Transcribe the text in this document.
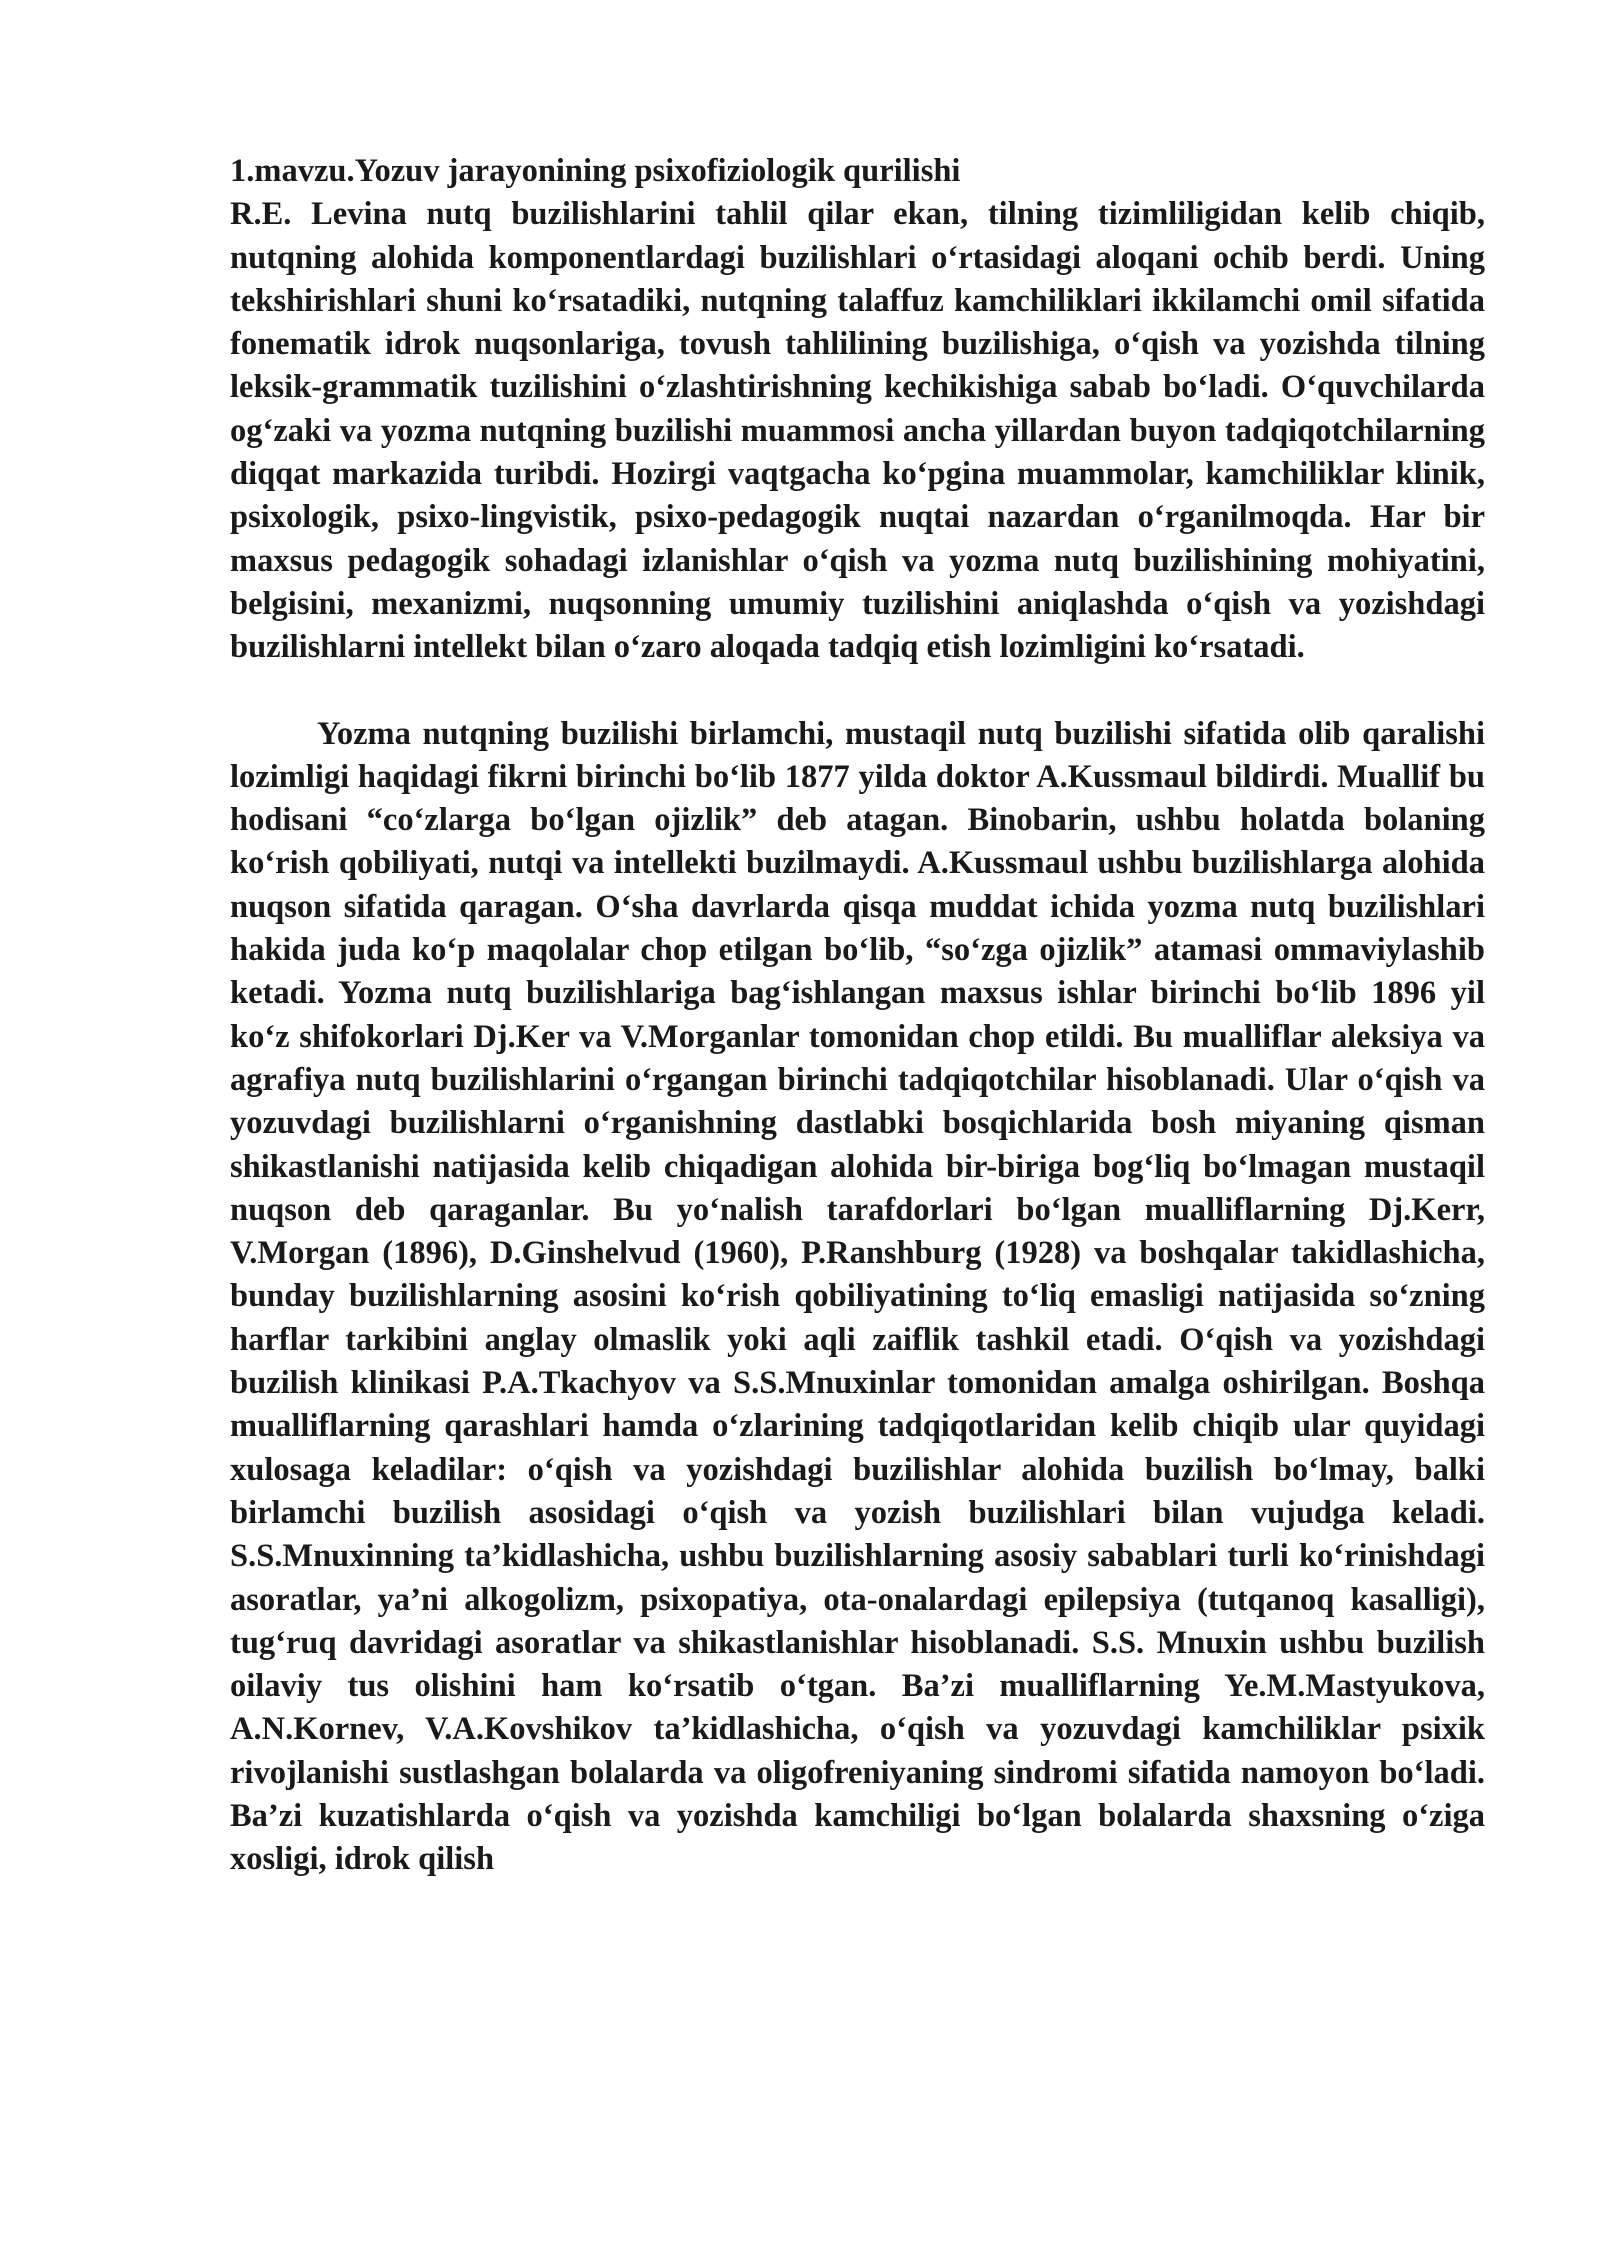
1.mavzu.Yozuv jarayonining psixofiziologik qurilishi

R.E. Levina nutq buzilishlarini tahlil qilar ekan, tilning tizimliligidan kelib chiqib, nutqning alohida komponentlardagi buzilishlari o‘rtasidagi aloqani ochib berdi. Uning tekshirishlari shuni ko‘rsatadiki, nutqning talaffuz kamchiliklari ikkilamchi omil sifatida fonematik idrok nuqsonlariga, tovush tahlilining buzilishiga, o‘qish va yozishda tilning leksik-grammatik tuzilishini o‘zlashtirishning kechikishiga sabab bo‘ladi. O‘quvchilarda og‘zaki va yozma nutqning buzilishi muammosi ancha yillardan buyon tadqiqotchilarning diqqat markazida turibdi. Hozirgi vaqtgacha ko‘pgina muammolar, kamchiliklar klinik, psixologik, psixo-lingvistik, psixo-pedagogik nuqtai nazardan o‘rganilmoqda. Har bir maxsus pedagogik sohadagi izlanishlar o‘qish va yozma nutq buzilishining mohiyatini, belgisini, mexanizmi, nuqsonning umumiy tuzilishini aniqlashda o‘qish va yozishdagi buzilishlarni intellekt bilan o‘zaro aloqada tadqiq etish lozimligini ko‘rsatadi.

Yozma nutqning buzilishi birlamchi, mustaqil nutq buzilishi sifatida olib qaralishi lozimligi haqidagi fikrni birinchi bo‘lib 1877 yilda doktor A.Kussmaul bildirdi. Muallif bu hodisani “co‘zlarga bo‘lgan ojizlik” deb atagan. Binobarin, ushbu holatda bolaning ko‘rish qobiliyati, nutqi va intellekti buzilmaydi. A.Kussmaul ushbu buzilishlarga alohida nuqson sifatida qaragan. O‘sha davrlarda qisqa muddat ichida yozma nutq buzilishlari hakida juda ko‘p maqolalar chop etilgan bo‘lib, “so‘zga ojizlik” atamasi ommaviylashib ketadi. Yozma nutq buzilishlariga bag‘ishlangan maxsus ishlar birinchi bo‘lib 1896 yil ko‘z shifokorlari Dj.Ker va V.Morganlar tomonidan chop etildi. Bu mualliflar aleksiya va agrafiya nutq buzilishlarini o‘rgangan birinchi tadqiqotchilar hisoblanadi. Ular o‘qish va yozuvdagi buzilishlarni o‘rganishning dastlabki bosqichlarida bosh miyaning qisman shikastlanishi natijasida kelib chiqadigan alohida bir-biriga bog‘liq bo‘lmagan mustaqil nuqson deb qaraganlar. Bu yo‘nalish tarafdorlari bo‘lgan mualliflarning Dj.Kerr, V.Morgan (1896), D.Ginshelvud (1960), P.Ranshburg (1928) va boshqalar takidlashicha, bunday buzilishlarning asosini ko‘rish qobiliyatining to‘liq emasligi natijasida so‘zning harflar tarkibini anglay olmaslik yoki aqli zaiflik tashkil etadi. O‘qish va yozishdagi buzilish klinikasi P.A.Tkachyov va S.S.Mnuxinlar tomonidan amalga oshirilgan. Boshqa mualliflarning qarashlari hamda o‘zlarining tadqiqotlaridan kelib chiqib ular quyidagi xulosaga keladilar: o‘qish va yozishdagi buzilishlar alohida buzilish bo‘lmay, balki birlamchi buzilish asosidagi o‘qish va yozish buzilishlari bilan vujudga keladi. S.S.Mnuxinning ta’kidlashicha, ushbu buzilishlarning asosiy sabablari turli ko‘rinishdagi asoratlar, ya’ni alkogolizm, psixopatiya, ota-onalardagi epilepsiya (tutqanoq kasalligi), tug‘ruq davridagi asoratlar va shikastlanishlar hisoblanadi. S.S. Mnuxin ushbu buzilish oilaviy tus olishini ham ko‘rsatib o‘tgan. Ba’zi mualliflarning Ye.M.Mastyukova, A.N.Kornev, V.A.Kovshikov ta’kidlashicha, o‘qish va yozuvdagi kamchiliklar psixik rivojlanishi sustlashgan bolalarda va oligofreniyaning sindromi sifatida namoyon bo‘ladi. Ba’zi kuzatishlarda o‘qish va yozishda kamchiligi bo‘lgan bolalarda shaxsning o‘ziga xosligi, idrok qilish
